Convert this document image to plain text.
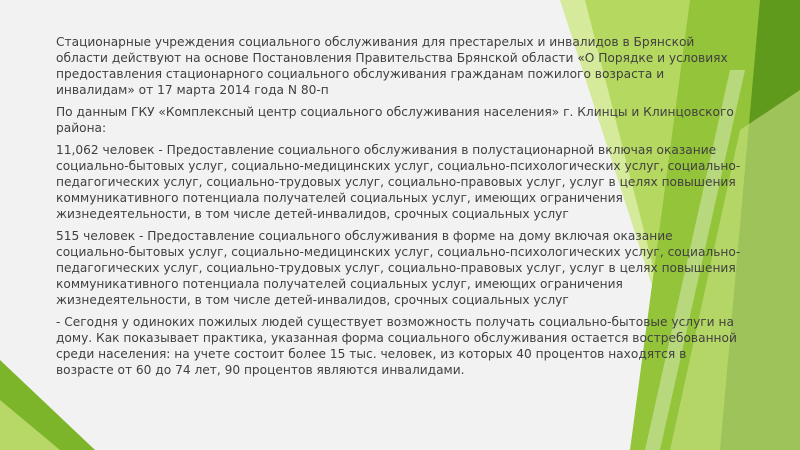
Стационарные учреждения социального обслуживания для престарелых и инвалидов в Брянской области действуют на основе Постановления Правительства Брянской области «О Порядке и условиях предоставления стационарного социального обслуживания гражданам пожилого возраста и инвалидам» от 17 марта 2014 года N 80-п

По данным ГКУ «Комплексный центр социального обслуживания населения» г. Клинцы и Клинцовского района:

11,062 человек - Предоставление социального обслуживания в полустационарной включая оказание социально-бытовых услуг, социально-медицинских услуг, социально-психологических услуг, социально-педагогических услуг, социально-трудовых услуг, социально-правовых услуг, услуг в целях повышения коммуникативного потенциала получателей социальных услуг, имеющих ограничения жизнедеятельности, в том числе детей-инвалидов, срочных социальных услуг

515 человек - Предоставление социального обслуживания в форме на дому включая оказание социально-бытовых услуг, социально-медицинских услуг, социально-психологических услуг, социально-педагогических услуг, социально-трудовых услуг, социально-правовых услуг, услуг в целях повышения коммуникативного потенциала получателей социальных услуг, имеющих ограничения жизнедеятельности, в том числе детей-инвалидов, срочных социальных услуг

- Сегодня у одиноких пожилых людей существует возможность получать социально-бытовые услуги на дому. Как показывает практика, указанная форма социального обслуживания остается востребованной среди населения: на учете состоит более 15 тыс. человек, из которых 40 процентов находятся в возрасте от 60 до 74 лет, 90 процентов являются инвалидами.
